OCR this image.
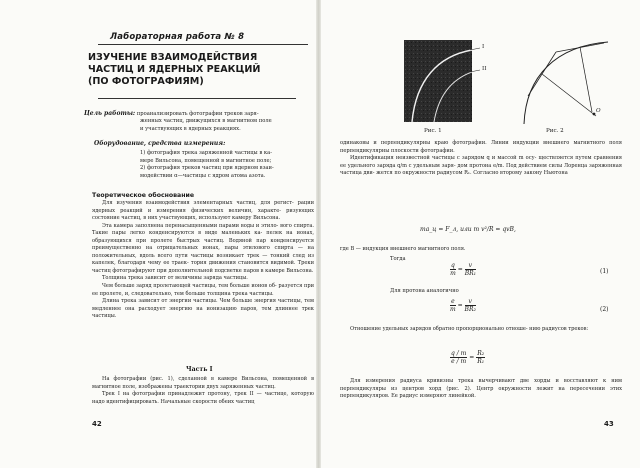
Лабораторная работа № 8
ИЗУЧЕНИЕ ВЗАИМОДЕЙСТВИЯ
ЧАСТИЦ И ЯДЕРНЫХ РЕАКЦИЙ
(ПО ФОТОГРАФИЯМ)
Цель работы: проанализировать фотографии треков заря-
женных частиц, движущихся в магнитном поле
и участвующих в ядерных реакциях.
Оборудование, средства измерения:
1) фотография трека заряженной частицы в ка-
мере Вильсона, помещенной в магнитное поле;
2) фотография треков частиц при ядерном взаи-
модействии α—частицы с ядром атома азота.
Теоретическое обоснование

Для изучения взаимодействия элементарных частиц, для регист- рации ядерных реакций и измерения физических величин, характе- ризующих состояние частиц, в них участвующих, используют камеру Вильсона.

Эта камера заполнена перенасыщенными парами воды и этило- вого спирта. Такие пары легко конденсируются в виде маленьких ка- пелек на ионах, образующихся при пролете быстрых частиц. Водяной пар конденсируется преимущественно на отрицательных ионах, пары этилового спирта — на положительных, вдоль всего пути частицы возникает трек — тонкий след из капелек, благодаря чему ее траек- тория движения становится видимой. Треки частиц фотографируют при дополнительной подсветке паров в камере Вильсона.

Толщина трека зависит от величины заряда частицы.

Чем больше заряд пролетающей частицы, тем больше ионов об- разуется при ее пролете, и, следовательно, тем больше толщина трека частицы.

Длина трека зависит от энергии частицы. Чем больше энергия частицы, тем медленнее она расходует энергию на ионизацию паров, тем длиннее трек частицы.

Часть I

На фотографии (рис. 1), сделанной в камере Вильсона, помещенной в магнитное поле, изображены траектории двух заряженных частиц.

Трек I на фотографии принадлежит протону, трек II — частице, которую надо идентифицировать. Начальные скорости обеих частиц

42
I
II
Рис. 1
O
Рис. 2

одинаковы и перпендикулярны краю фотографии. Линии индукции внешнего магнитного поля перпендикулярны плоскости фотографии.

Идентификация неизвестной частицы с зарядом q и массой m осу- ществляется путем сравнения ее удельного заряда q/m с удельным заря- дом протона e/m. Под действием силы Лоренца заряженная частица дви- жется по окружности радиусом R₁. Согласно второму закону Ньютона

ma_ц = F_л, или m v²/R = qvB,

где B — индукция внешнего магнитного поля.

Тогда
$\frac{q}{m} = \frac{v}{\text{BR₁}}$	(1)
Для протона аналогично
$\frac{e}{m} = \frac{v}{\text{BR₂}}$	(2)

Отношение удельных зарядов обратно пропорционально отноше- нию радиусов треков:

$\frac{q / m}{e / m} = \frac{\text{R₂}}{\text{R₁}}$

Для измерения радиуса кривизны трека вычерчивают две хорды и восставляют к ним перпендикуляры из центров хорд (рис. 2). Центр окружности лежит на пересечении этих перпендикуляров. Ее радиус измеряют линейкой.

43
